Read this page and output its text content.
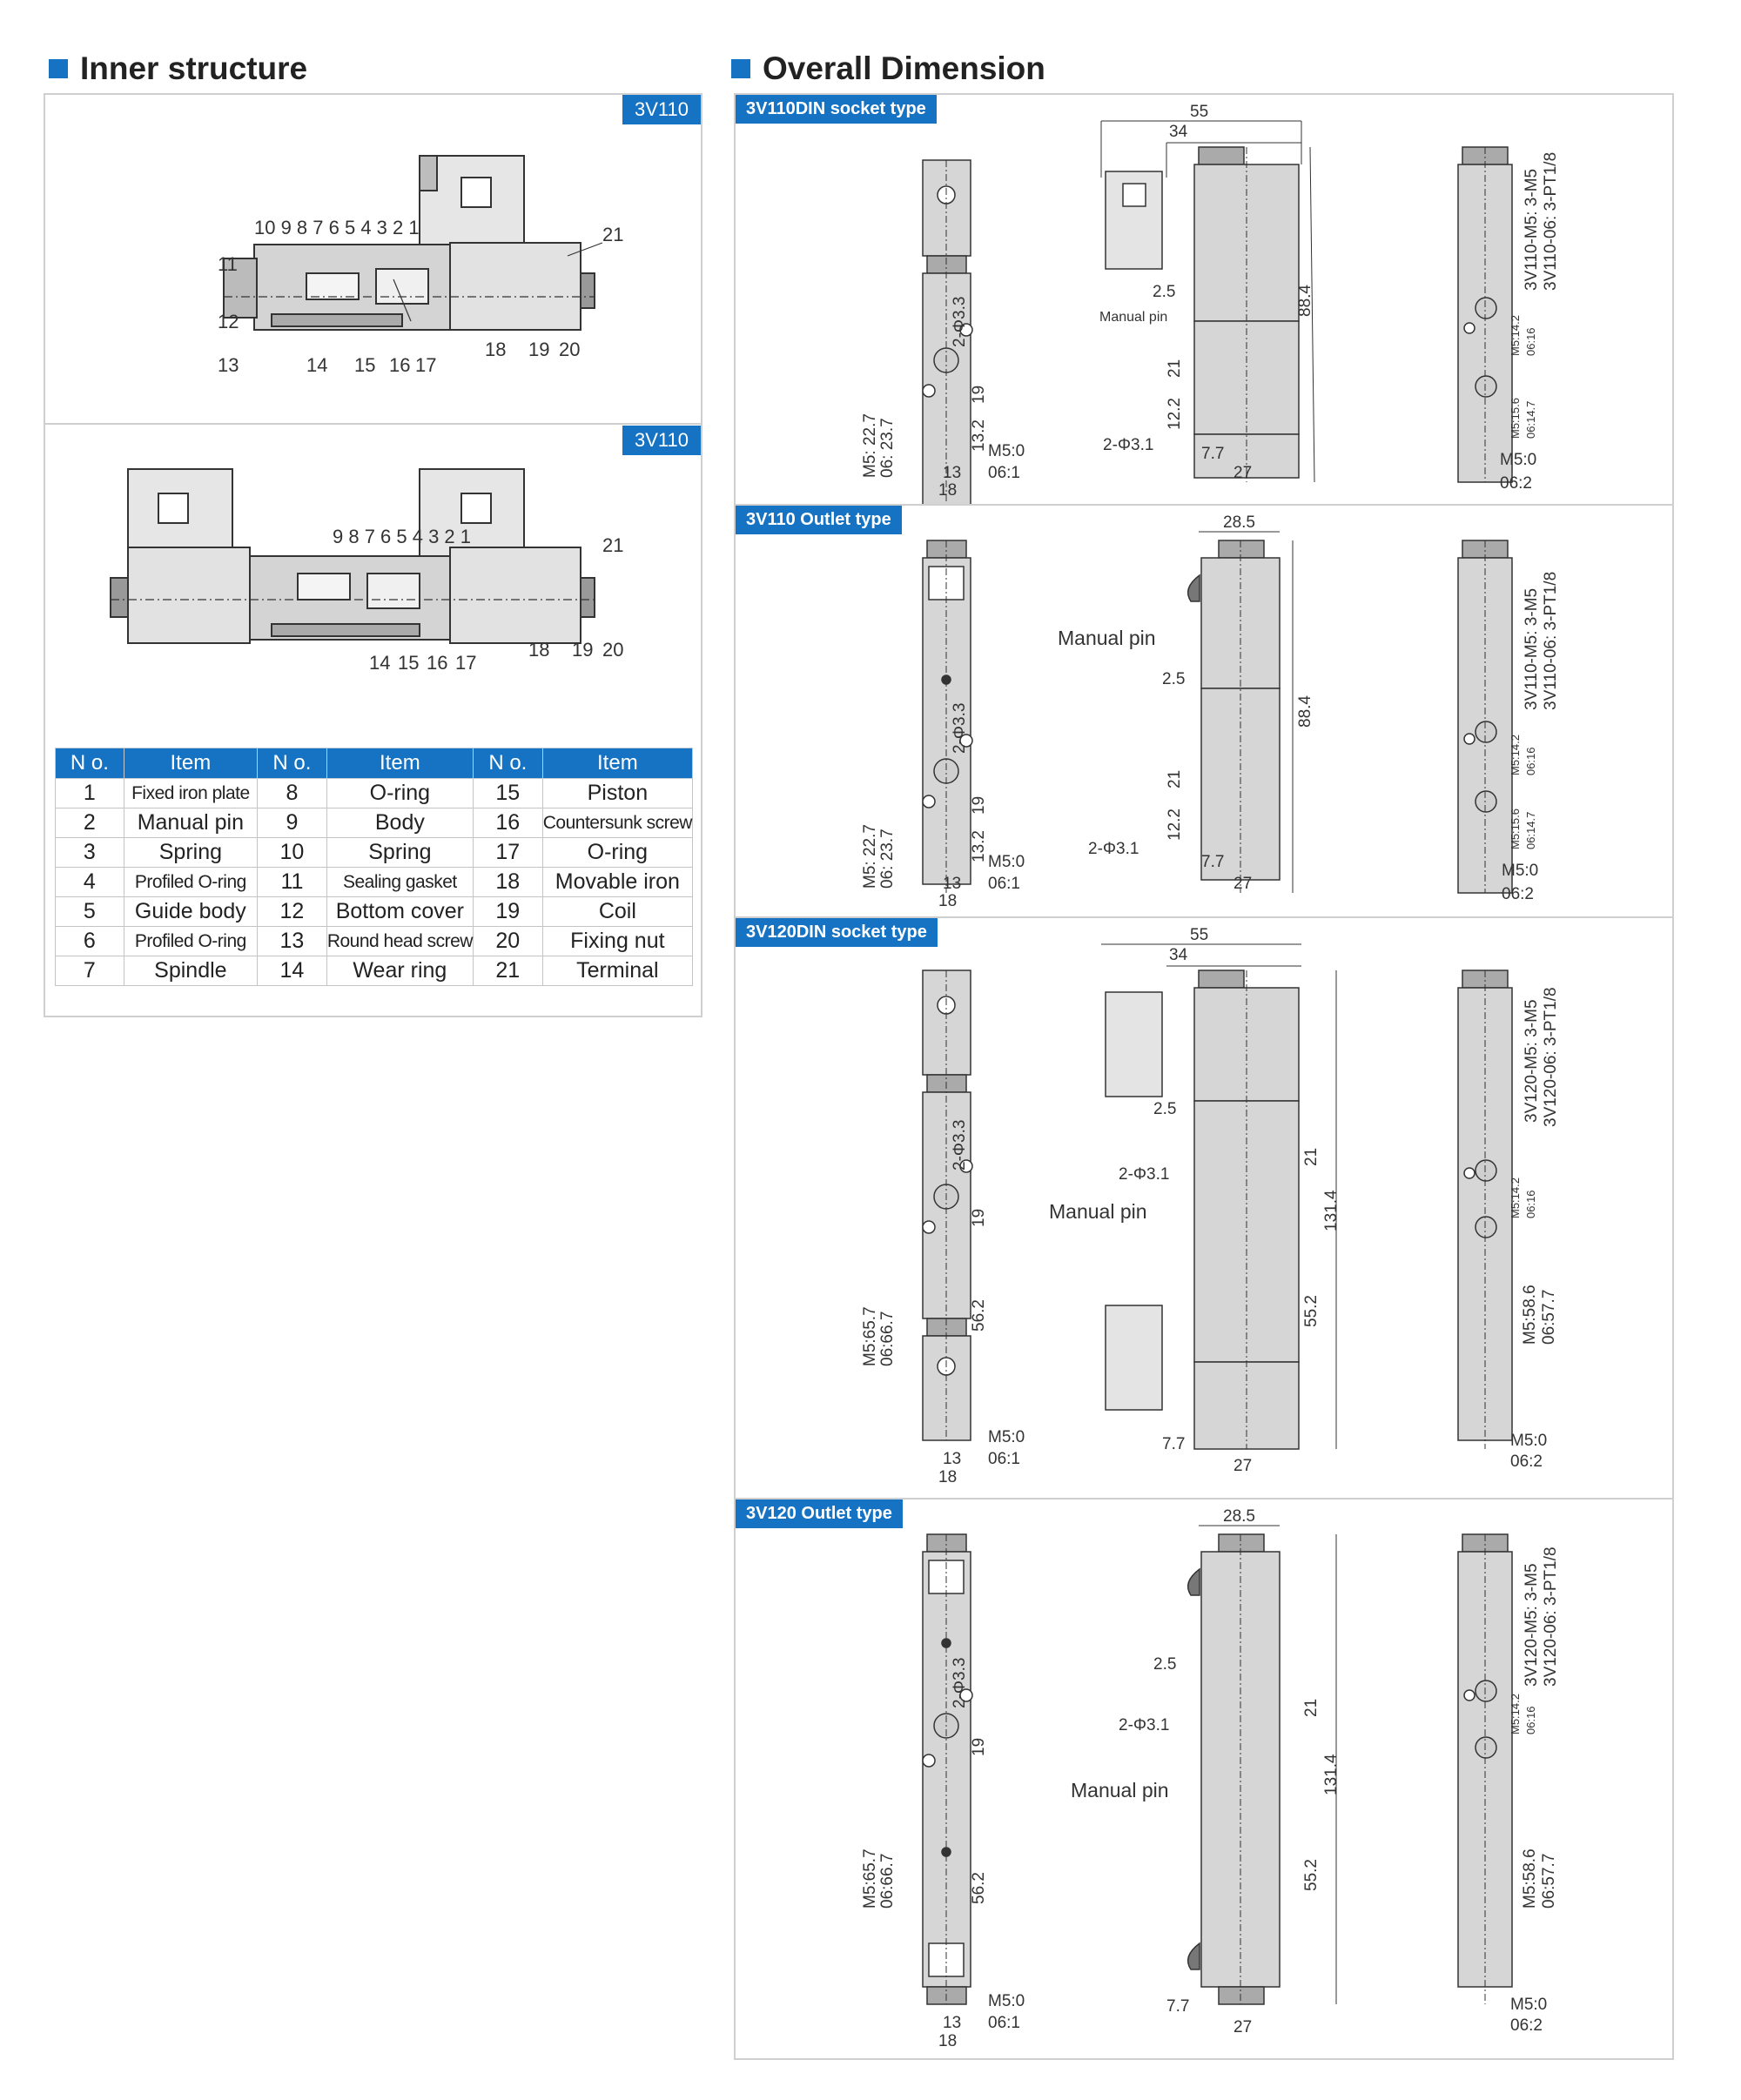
Inner structure	Overall Dimension
3V110
3V110
10 9 8 7 6 5 4 3 2 1
11
12
13	14 15 16 17
18 19 20
21
9 8 7 6 5 4 3 2 1
14 15 16 17
18 19 20
21
N o.	Item	N o.	Item	N o.	Item
1	Fixed iron plate	8	O-ring	15	Piston
2	Manual pin	9	Body	16	Countersunk screw
3	Spring	10	Spring	17	O-ring
4	Profiled O-ring	11	Sealing gasket	18	Movable iron
5	Guide body	12	Bottom cover	19	Coil
6	Profiled O-ring	13	Round head screw	20	Fixing nut
7	Spindle	14	Wear ring	21	Terminal
3V110DIN socket type
3V110 Outlet type
3V120DIN socket type
3V120 Outlet type
2-Φ3.3
19
13.2
M5: 22.7 06: 23.7	M5:0
06:1
13
18
55
34
2.5
Manual pin
21
12.2
2-Φ3.1	7.7
27
88.4
3V110-M5: 3-M5 3V110-06: 3-PT1/8
M5:14.2 06:16
M5:15.6 06:14.7
M5:0
06:2
2-Φ3.3
19
13.2
M5: 22.7 06: 23.7	M5:0
06:1
13
18
28.5
Manual pin
2.5
21
12.2
2-Φ3.1
7.7
27
88.4
3V110-M5: 3-M5 3V110-06: 3-PT1/8
M5:14.2 06:16
M5:15.6 06:14.7
M5:0
06:2
2-Φ3.3
19
56.2
M5:65.7 06:66.7
M5:0
06:1
13
18
55
34
2.5
2-Φ3.1
Manual pin
21
55.2
131.4
7.7
27
3V120-M5: 3-M5 3V120-06: 3-PT1/8
M5:14.2 06:16
M5:58.6 06:57.7
M5:0
06:2
2-Φ3.3
19
56.2
M5:65.7 06:66.7
M5:0
06:1
13
18
28.5
2.5
2-Φ3.1
Manual pin
21
55.2
131.4
7.7
27
3V120-M5: 3-M5 3V120-06: 3-PT1/8
M5:14.2 06:16
M5:58.6 06:57.7
M5:0
06:2
